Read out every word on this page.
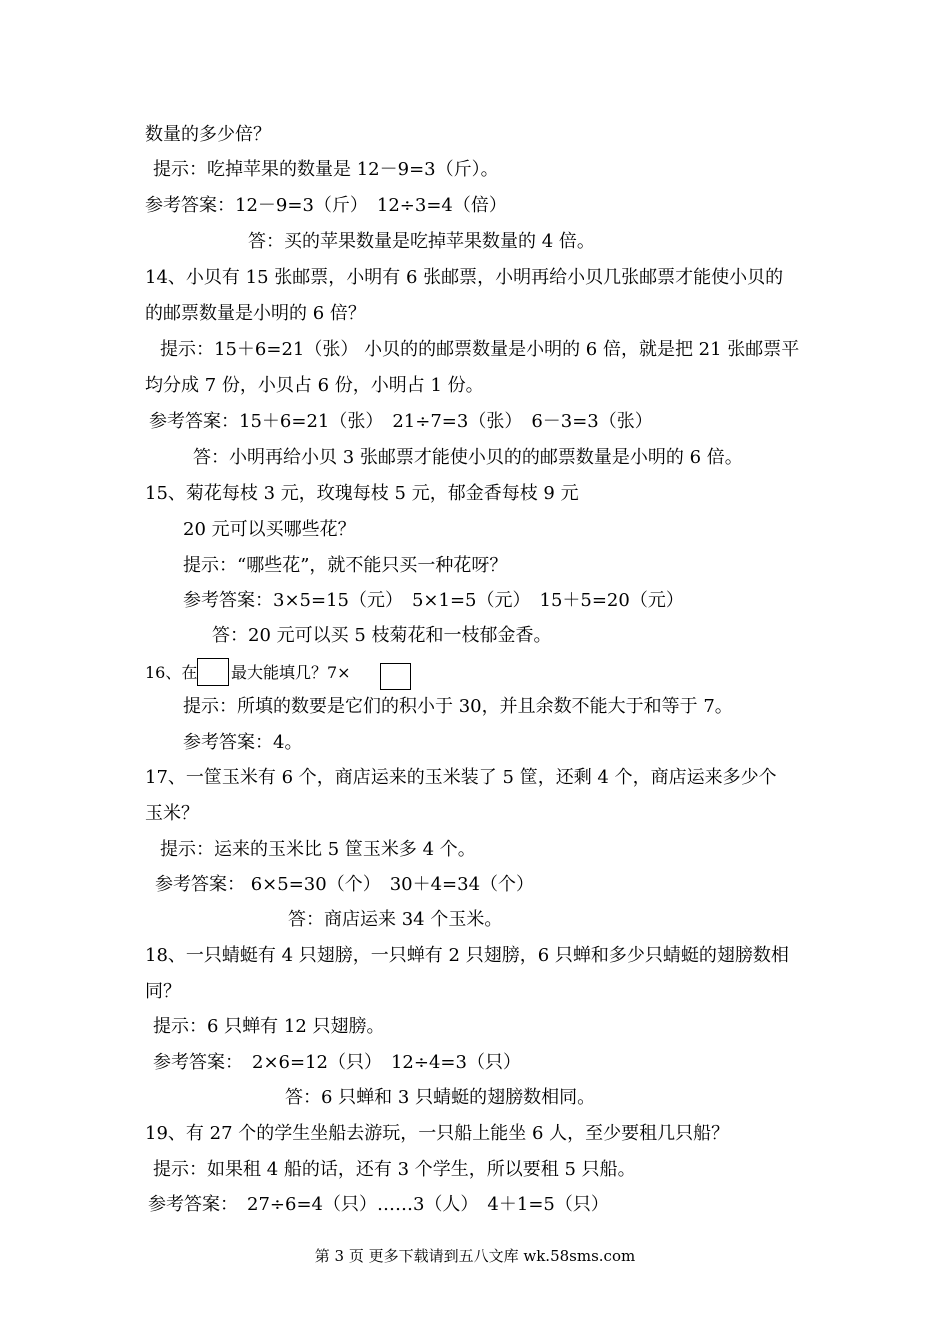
数量的多少倍？
提示：吃掉苹果的数量是 12－9=3（斤）。
参考答案：12－9=3（斤）　12÷3=4（倍）
答：买的苹果数量是吃掉苹果数量的 4 倍。
14、小贝有 15 张邮票，小明有 6 张邮票，小明再给小贝几张邮票才能使小贝的
的邮票数量是小明的 6 倍？
提示：15＋6=21（张） 小贝的的邮票数量是小明的 6 倍，就是把 21 张邮票平
均分成 7 份，小贝占 6 份，小明占 1 份。
参考答案：15＋6=21（张）　21÷7=3（张）　6－3=3（张）
答：小明再给小贝 3 张邮票才能使小贝的的邮票数量是小明的 6 倍。
15、菊花每枝 3 元，玫瑰每枝 5 元，郁金香每枝 9 元
20 元可以买哪些花？
提示：“哪些花”，就不能只买一种花呀？
参考答案：3×5=15（元）　5×1=5（元）　15＋5=20（元）
答：20 元可以买 5 枝菊花和一枝郁金香。
16、在 最大能填几？7×
提示：所填的数要是它们的积小于 30，并且余数不能大于和等于 7。
参考答案：4。
17、一筐玉米有 6 个，商店运来的玉米装了 5 筐，还剩 4 个，商店运来多少个
玉米？
提示：运来的玉米比 5 筐玉米多 4 个。
参考答案： 6×5=30（个）　30＋4=34（个）
答：商店运来 34 个玉米。
18、一只蜻蜓有 4 只翅膀，一只蝉有 2 只翅膀，6 只蝉和多少只蜻蜓的翅膀数相
同？
提示：6 只蝉有 12 只翅膀。
参考答案：　2×6=12（只）　12÷4=3（只）
答：6 只蝉和 3 只蜻蜓的翅膀数相同。
19、有 27 个的学生坐船去游玩，一只船上能坐 6 人，至少要租几只船？
提示：如果租 4 船的话，还有 3 个学生，所以要租 5 只船。
参考答案：　27÷6=4（只）……3（人）　4＋1=5（只）
第 3 页 更多下载请到五八文库 wk.58sms.com
